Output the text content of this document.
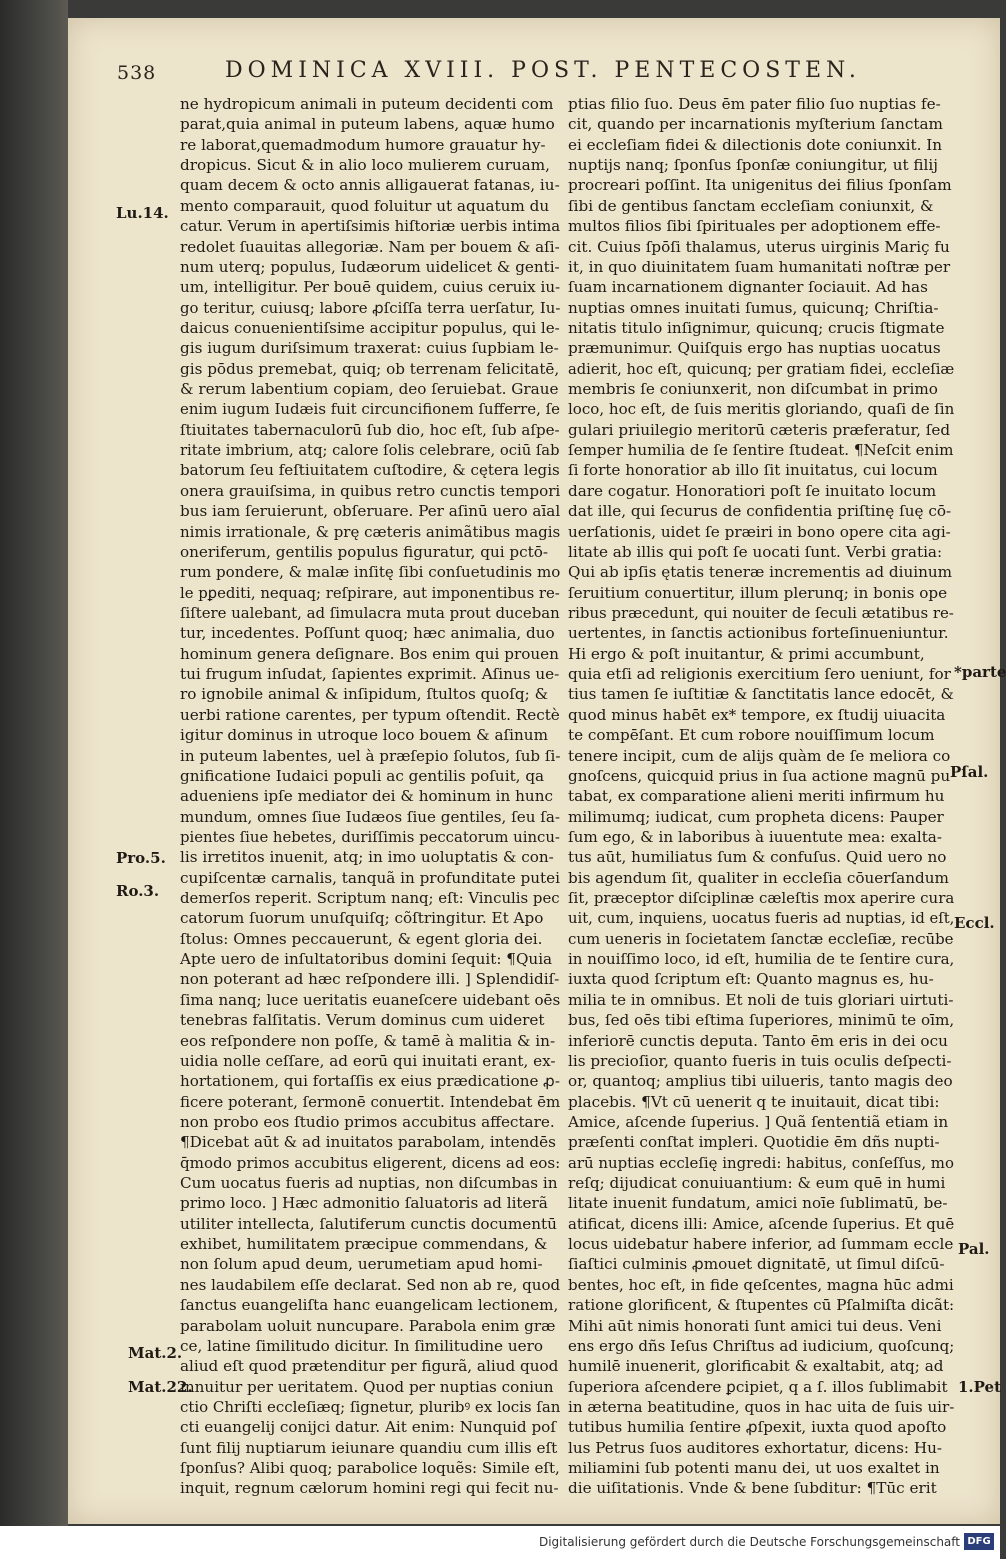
538	DOMINICA XVIII. POST. PENTECOSTEN.
ne hydropicum animali in puteum decidenti com
parat,quia animal in puteum labens, aquæ humo
re laborat,quemadmodum humore grauatur hy-
dropicus. Sicut & in alio loco mulierem curuam,
quam decem & octo annis alligauerat fatanas, iu-
mento comparauit, quod foluitur ut aquatum du
catur. Verum in apertiſsimis hiſtoriæ uerbis intima
redolet ſuauitas allegoriæ. Nam per bouem & aſi-
num uterq; populus, Iudæorum uidelicet & genti-
um, intelligitur. Per bouē quidem, cuius ceruix iu-
go teritur, cuiusq; labore ꝓſciſſa terra uerſatur, Iu-
daicus conuenientiſsime accipitur populus, qui le-
gis iugum duriſsimum traxerat: cuius ſupbiam le-
gis pōdus premebat, quiq; ob terrenam felicitatē,
& rerum labentium copiam, deo ſeruiebat. Graue
enim iugum Iudæis fuit circuncifionem ſufferre, ſe
ſtiuitates tabernaculorū ſub dio, hoc eſt, ſub aſpe-
ritate imbrium, atq; calore ſolis celebrare, ociū ſab
batorum ſeu feſtiuitatem cuſtodire, & cętera legis
onera grauiſsima, in quibus retro cunctis tempori
bus iam ſeruierunt, obſeruare. Per aſinū uero aīal
nimis irrationale, & prę cæteris animãtibus magis
oneriferum, gentilis populus figuratur, qui pctō-
rum pondere, & malæ inſitę ſibi conſuetudinis mo
le pꝑediti, nequaq; reſpirare, aut imponentibus re-
ſiſtere ualebant, ad ſimulacra muta prout duceban
tur, incedentes. Poſſunt quoq; hæc animalia, duo
hominum genera deſignare. Bos enim qui prouen
tui frugum inſudat, ſapientes exprimit. Aſinus ue-
ro ignobile animal & inſipidum, ſtultos quoſq; &
uerbi ratione carentes, per typum oſtendit. Rectè
igitur dominus in utroque loco bouem & aſinum
in puteum labentes, uel à præſepio ſolutos, ſub ſi-
gnificatione Iudaici populi ac gentilis poſuit, qa
adueniens ipſe mediator dei & hominum in hunc
mundum, omnes ſiue Iudæos ſiue gentiles, ſeu ſa-
pientes ſiue hebetes, duriſſimis peccatorum uincu-
lis irretitos inuenit, atq; in imo uoluptatis & con-
cupiſcentæ carnalis, tanquã in profunditate putei
demerſos reperit. Scriptum nanq; eſt: Vinculis pec
catorum ſuorum unuſquiſq; cõſtringitur. Et Apo
ſtolus: Omnes peccauerunt, & egent gloria dei.
Apte uero de inſultatoribus domini ſequit: ¶Quia
non poterant ad hæc reſpondere illi. ] Splendidiſ-
ſima nanq; luce ueritatis euaneſcere uidebant oēs
tenebras falſitatis. Verum dominus cum uideret
eos reſpondere non poſſe, & tamē à malitia & in-
uidia nolle ceſſare, ad eorū qui inuitati erant, ex-
hortationem, qui fortaſſis ex eius prædicatione ꝓ-
ficere poterant, ſermonē conuertit. Intendebat ēm
non probo eos ſtudio primos accubitus affectare.
¶Dicebat aūt & ad inuitatos parabolam, intendēs
q̄modo primos accubitus eligerent, dicens ad eos:
Cum uocatus fueris ad nuptias, non diſcumbas in
primo loco. ] Hæc admonitio ſaluatoris ad literã
utiliter intellecta, ſalutiferum cunctis documentū
exhibet, humilitatem præcipue commendans, &
non ſolum apud deum, uerumetiam apud homi-
nes laudabilem eſſe declarat. Sed non ab re, quod
ſanctus euangeliſta hanc euangelicam lectionem,
parabolam uoluit nuncupare. Parabola enim græ
ce, latine ſimilitudo dicitur. In ſimilitudine uero
aliud eſt quod prætenditur per figurã, aliud quod
innuitur per ueritatem. Quod per nuptias coniun
ctio Chriſti eccleſiæq; ſignetur, pluribꝰ ex locis ſan
cti euangelij conijci datur. Ait enim: Nunquid poſ
ſunt filij nuptiarum ieiunare quandiu cum illis eſt
ſponſus? Alibi quoq; parabolice loquẽs: Simile eſt,
inquit, regnum cælorum homini regi qui fecit nu-
ptias filio ſuo. Deus ēm pater filio ſuo nuptias fe-
cit, quando per incarnationis myſterium ſanctam
ei eccleſiam fidei & dilectionis dote coniunxit. In
nuptijs nanq; ſponſus ſponſæ coniungitur, ut filij
procreari poſſint. Ita unigenitus dei filius ſponſam
ſibi de gentibus ſanctam eccleſiam coniunxit, &
multos filios ſibi ſpirituales per adoptionem effe-
cit. Cuius ſpōſi thalamus, uterus uirginis Mariç fu
it, in quo diuinitatem ſuam humanitati noſtræ per
ſuam incarnationem dignanter ſociauit. Ad has
nuptias omnes inuitati ſumus, quicunq; Chriſtia-
nitatis titulo inſignimur, quicunq; crucis ſtigmate
præmunimur. Quiſquis ergo has nuptias uocatus
adierit, hoc eſt, quicunq; per gratiam fidei, eccleſiæ
membris ſe coniunxerit, non diſcumbat in primo
loco, hoc eſt, de ſuis meritis gloriando, quaſi de ſin
gulari priuilegio meritorū cæteris præferatur, ſed
ſemper humilia de ſe ſentire ſtudeat. ¶Neſcit enim
ſi forte honoratior ab illo ſit inuitatus, cui locum
dare cogatur. Honoratiori poſt ſe inuitato locum
dat ille, qui ſecurus de confidentia priſtinę ſuę cō-
uerſationis, uidet ſe præiri in bono opere cita agi-
litate ab illis qui poſt ſe uocati ſunt. Verbi gratia:
Qui ab ipſis ętatis teneræ incrementis ad diuinum
ſeruitium conuertitur, illum plerunq; in bonis ope
ribus præcedunt, qui nouiter de ſeculi ætatibus re-
uertentes, in ſanctis actionibus forteſinueniuntur.
Hi ergo & poſt inuitantur, & primi accumbunt,
quia etſi ad religionis exercitium ſero ueniunt, for
tius tamen ſe iuſtitiæ & ſanctitatis lance edocēt, &
quod minus habēt ex* tempore, ex ſtudij uiuacita
te compēſant. Et cum robore nouiſſimum locum
tenere incipit, cum de alijs quàm de ſe meliora co
gnoſcens, quicquid prius in ſua actione magnū pu
tabat, ex comparatione alieni meriti infirmum hu
milimumq; iudicat, cum propheta dicens: Pauper
ſum ego, & in laboribus à iuuentute mea: exalta-
tus aūt, humiliatus ſum & confuſus. Quid uero no
bis agendum ſit, qualiter in eccleſia cōuerſandum
ſit, præceptor diſciplinæ cæleſtis mox aperire cura
uit, cum, inquiens, uocatus fueris ad nuptias, id eſt,
cum ueneris in ſocietatem ſanctæ eccleſiæ, recūbe
in nouiſſimo loco, id eſt, humilia de te ſentire cura,
iuxta quod ſcriptum eſt: Quanto magnus es, hu-
milia te in omnibus. Et noli de tuis gloriari uirtuti-
bus, ſed oēs tibi eſtima ſuperiores, minimū te oīm,
inferiorē cunctis deputa. Tanto ēm eris in dei ocu
lis precioſior, quanto fueris in tuis oculis deſpecti-
or, quantoq; amplius tibi uilueris, tanto magis deo
placebis. ¶Vt cū uenerit q te inuitauit, dicat tibi:
Amice, aſcende ſuperius. ] Quã ſententiã etiam in
præſenti conſtat impleri. Quotidie ēm dñs nupti-
arū nuptias eccleſię ingredi: habitus, conſeſſus, mo
reſq; dijudicat conuiuantium: & eum quē in humi
litate inuenit fundatum, amici noīe ſublimatū, be-
atificat, dicens illi: Amice, aſcende ſuperius. Et quē
locus uidebatur habere inferior, ad ſummam eccle
ſiaſtici culminis ꝓmouet dignitatē, ut ſimul diſcū-
bentes, hoc eſt, in fide qeſcentes, magna hūc admi
ratione glorificent, & ſtupentes cū Pſalmiſta dicãt:
Mihi aūt nimis honorati ſunt amici tui deus. Veni
ens ergo dñs Ieſus Chriſtus ad iudicium, quoſcunq;
humilē inuenerit, glorificabit & exaltabit, atq; ad
ſuperiora aſcendere ꝑcipiet, q a ſ. illos ſublimabit
in æterna beatitudine, quos in hac uita de ſuis uir-
tutibus humilia ſentire ꝓſpexit, iuxta quod apoſto
lus Petrus ſuos auditores exhortatur, dicens: Hu-
miliamini ſub potenti manu dei, ut uos exaltet in
die uiſitationis. Vnde & bene ſubditur: ¶Tūc erit
Lu.14.
Pro.5.
Ro.3.
Mat.2.
Mat.22.
*parte
Pſal.
Eccl.
Pal.
1.Pet
Digitalisierung gefördert durch die Deutsche Forschungsgemeinschaft DFG
